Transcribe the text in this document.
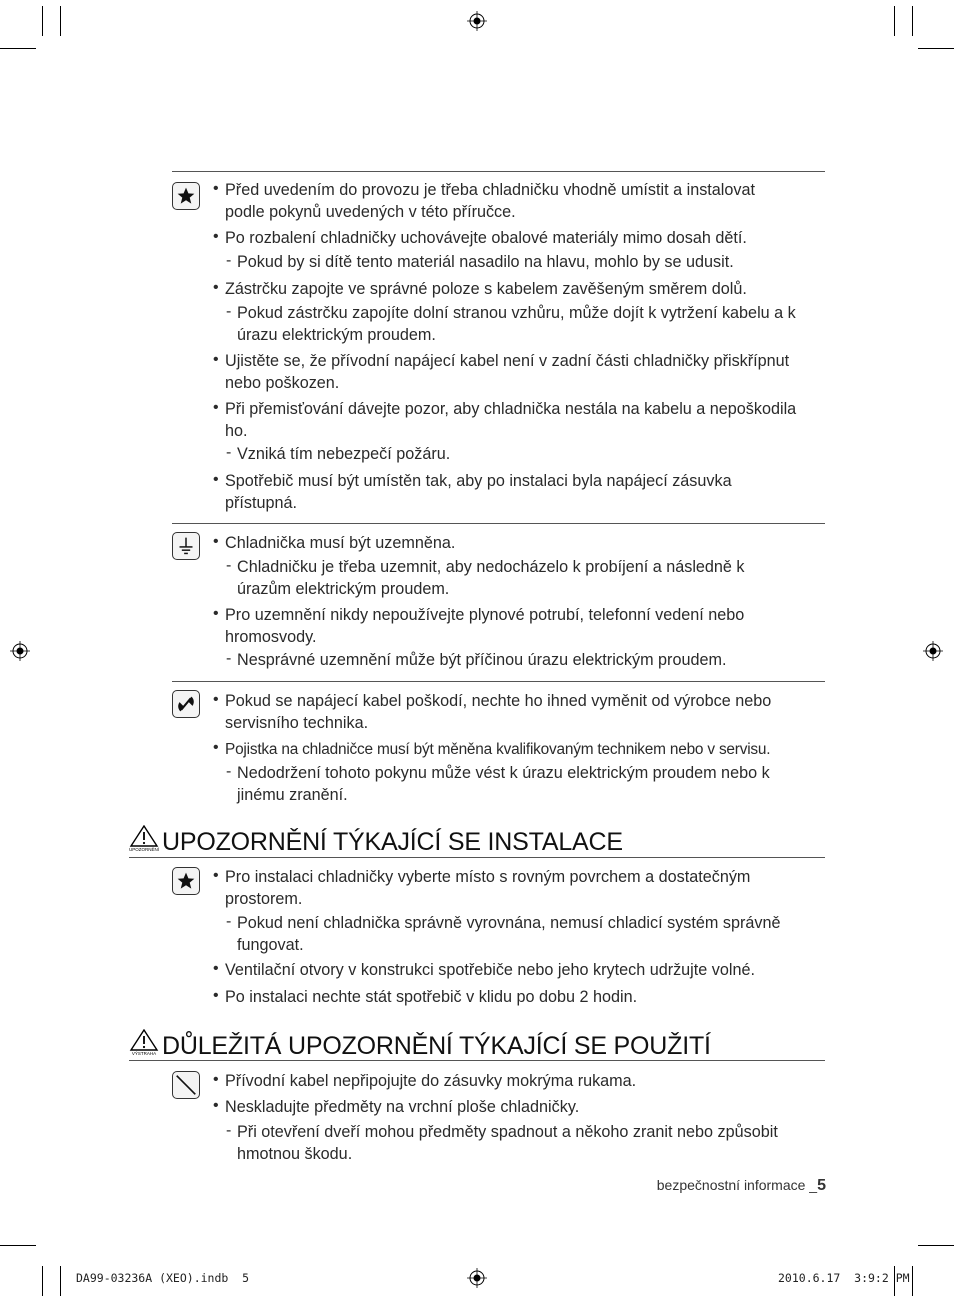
• Před uvedením do provozu je třeba chladničku vhodně umístit a instalovat
podle pokynů uvedených v této příručce.
• Po rozbalení chladničky uchovávejte obalové materiály mimo dosah dětí.
- Pokud by si dítě tento materiál nasadilo na hlavu, mohlo by se udusit.
• Zástrčku zapojte ve správné poloze s kabelem zavěšeným směrem dolů.
- Pokud zástrčku zapojíte dolní stranou vzhůru, může dojít k vytržení kabelu a k
úrazu elektrickým proudem.
• Ujistěte se, že přívodní napájecí kabel není v zadní části chladničky přiskřípnut
nebo poškozen.
• Při přemisťování dávejte pozor, aby chladnička nestála na kabelu a nepoškodila
ho.
- Vzniká tím nebezpečí požáru.
• Spotřebič musí být umístěn tak, aby po instalaci byla napájecí zásuvka
přístupná.
• Chladnička musí být uzemněna.
- Chladničku je třeba uzemnit, aby nedocházelo k probíjení a následně k
úrazům elektrickým proudem.
• Pro uzemnění nikdy nepoužívejte plynové potrubí, telefonní vedení nebo
hromosvody.
- Nesprávné uzemnění může být příčinou úrazu elektrickým proudem.
• Pokud se napájecí kabel poškodí, nechte ho ihned vyměnit od výrobce nebo
servisního technika.
• Pojistka na chladničce musí být měněna kvalifikovaným technikem nebo v servisu.
- Nedodržení tohoto pokynu může vést k úrazu elektrickým proudem nebo k
jinému zranění.
UPOZORNĚNÍ UPOZORNĚNÍ TÝKAJÍCÍ SE INSTALACE
• Pro instalaci chladničky vyberte místo s rovným povrchem a dostatečným
prostorem.
- Pokud není chladnička správně vyrovnána, nemusí chladicí systém správně
fungovat.
• Ventilační otvory v konstrukci spotřebiče nebo jeho krytech udržujte volné.
• Po instalaci nechte stát spotřebič v klidu po dobu 2 hodin.
VÝSTRAHA DŮLEŽITÁ UPOZORNĚNÍ TÝKAJÍCÍ SE POUŽITÍ
• Přívodní kabel nepřipojujte do zásuvky mokrýma rukama.
• Neskladujte předměty na vrchní ploše chladničky.
- Při otevření dveří mohou předměty spadnout a někoho zranit nebo způsobit
hmotnou škodu.
bezpečnostní informace _5
DA99-03236A (XEO).indb  5	2010.6.17  3:9:2 PM
